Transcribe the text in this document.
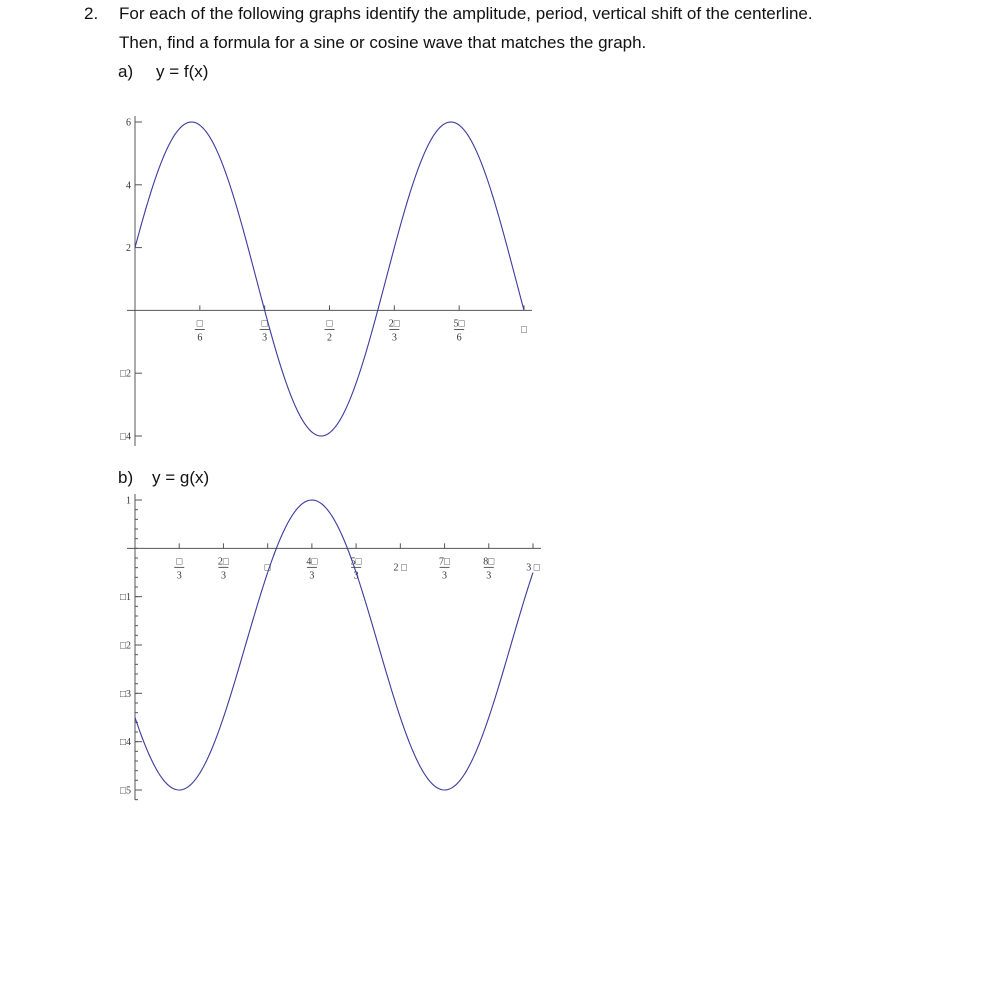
2. For each of the following graphs identify the amplitude, period, vertical shift of the centerline.
Then, find a formula for a sine or cosine wave that matches the graph.
a) y = f(x)
b) y = g(x)
6
4
2
□2
□4
□
6
□
3
□
2
2□
3
5□
6
□
1
□1
□2
□3
□4
□5
□
3
2□
3
□
4□
3
5□
3
2 □
7□
3
8□
3
3 □
